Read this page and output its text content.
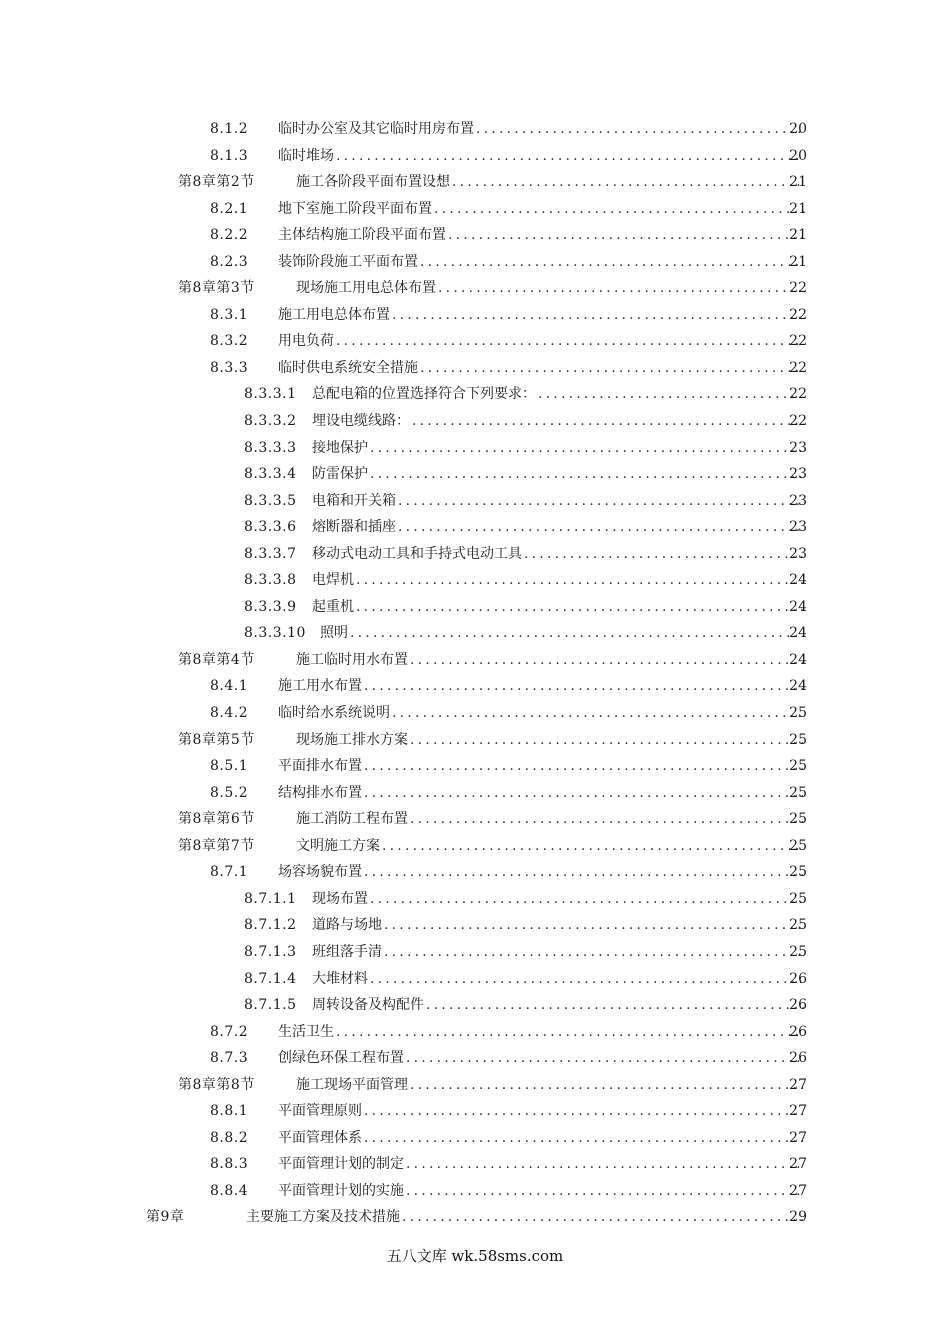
8.1.2 临时办公室及其它临时用房布置 .....	20
8.1.3 临时堆场 .....	20
第8章第2节	施工各阶段平面布置设想 .....	21
8.2.1 地下室施工阶段平面布置 .....	21
8.2.2 主体结构施工阶段平面布置 .....	21
8.2.3 装饰阶段施工平面布置 .....	21
第8章第3节	现场施工用电总体布置 .....	22
8.3.1 施工用电总体布置 .....	22
8.3.2 用电负荷 .....	22
8.3.3 临时供电系统安全措施 .....	22
8.3.3.1 总配电箱的位置选择符合下列要求： .....	22
8.3.3.2 埋设电缆线路： .....	22
8.3.3.3 接地保护 .....	23
8.3.3.4 防雷保护 .....	23
8.3.3.5 电箱和开关箱 .....	23
8.3.3.6 熔断器和插座 .....	23
8.3.3.7 移动式电动工具和手持式电动工具 .....	23
8.3.3.8 电焊机 .....	24
8.3.3.9 起重机 .....	24
8.3.3.10 照明 .....	24
第8章第4节	施工临时用水布置 .....	24
8.4.1 施工用水布置 .....	24
8.4.2 临时给水系统说明 .....	25
第8章第5节	现场施工排水方案 .....	25
8.5.1 平面排水布置 .....	25
8.5.2 结构排水布置 .....	25
第8章第6节	施工消防工程布置 .....	25
第8章第7节	文明施工方案 .....	25
8.7.1 场容场貌布置 .....	25
8.7.1.1 现场布置 .....	25
8.7.1.2 道路与场地 .....	25
8.7.1.3 班组落手清 .....	25
8.7.1.4 大堆材料 .....	26
8.7.1.5 周转设备及构配件 .....	26
8.7.2 生活卫生 .....	26
8.7.3 创绿色环保工程布置 .....	26
第8章第8节	施工现场平面管理 .....	27
8.8.1 平面管理原则 .....	27
8.8.2 平面管理体系 .....	27
8.8.3 平面管理计划的制定 .....	27
8.8.4 平面管理计划的实施 .....	27
第9章	主要施工方案及技术措施 .....	29
五八文库 wk.58sms.com
